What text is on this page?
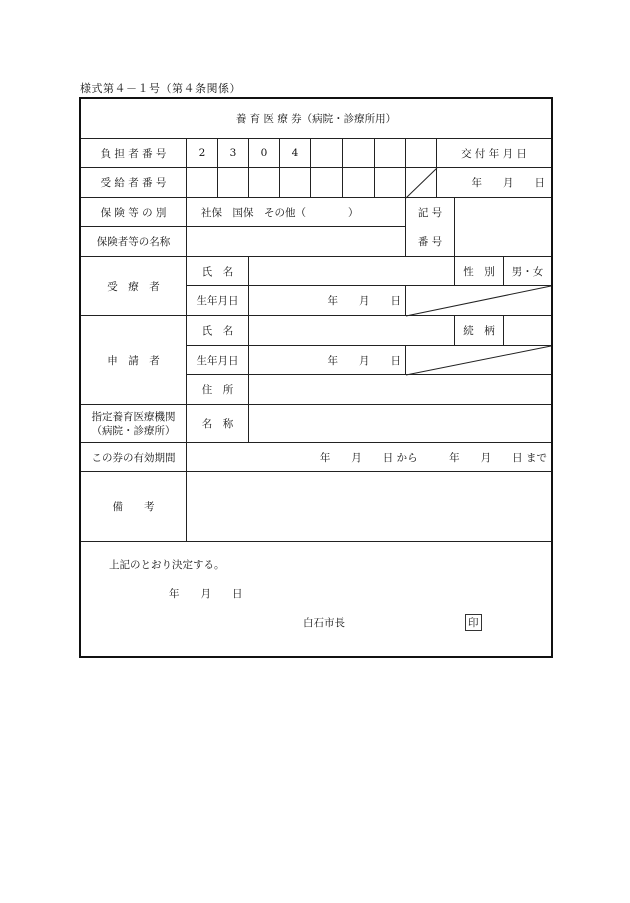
様式第４－１号（第４条関係）
養 育 医 療 券（病院・診療所用）
負 担 者 番 号	2	3	0	4	交 付 年 月 日
受 給 者 番 号	年　　月　　日
保 険 等 の 別	社保　国保　その他（　　　　）	記 号
保険者等の名称	番 号
受　療　者
氏　名	性　別	男・女
生年月日	年　　月　　日
申　請　者
氏　名	続　柄
生年月日	年　　月　　日
住　所
指定養育医療機関
（病院・診療所）
名　称
この券の有効期間	年　　月　　日 から　　　年　　月　　日 まで
備　　考
上記のとおり決定する。
年　　月　　日
白石市長	印
